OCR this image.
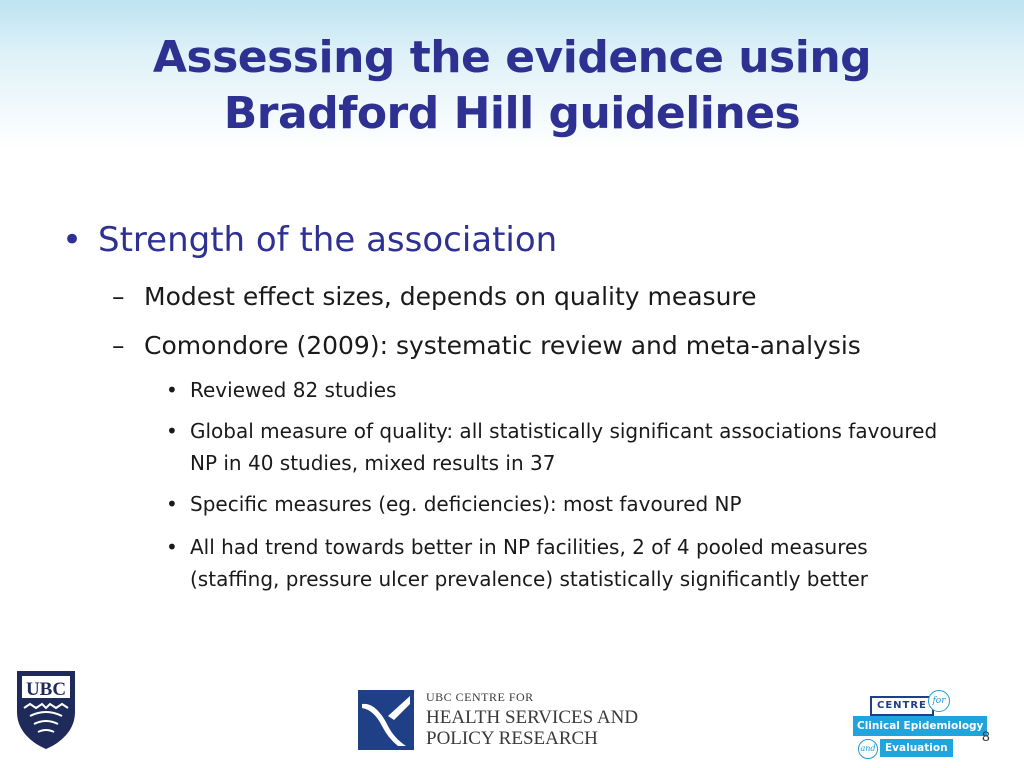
Assessing the evidence using
Bradford Hill guidelines
• Strength of the association
– Modest effect sizes, depends on quality measure
– Comondore (2009): systematic review and meta-analysis
• Reviewed 82 studies
• Global measure of quality: all statistically significant associations favoured NP in 40 studies, mixed results in 37
• Specific measures (eg. deficiencies): most favoured NP
• All had trend towards better in NP facilities, 2 of 4 pooled measures (staffing, pressure ulcer prevalence) statistically significantly better
UBC	UBC CENTRE FOR
HEALTH SERVICES AND
POLICY RESEARCH
CENTRE for
Clinical Epidemiology
and Evaluation
8
